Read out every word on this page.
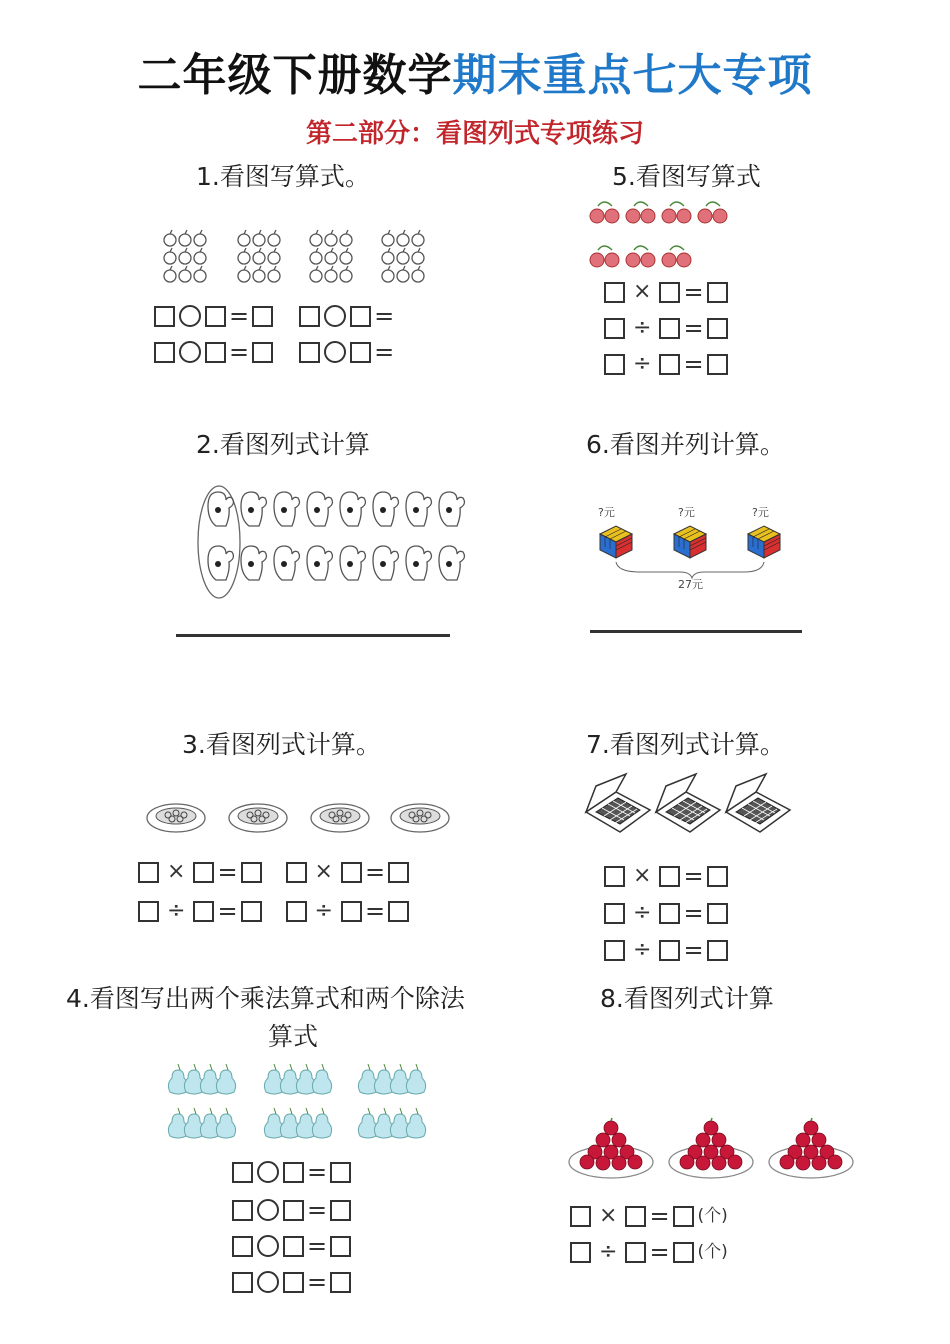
二年级下册数学期末重点七大专项
第二部分：看图列式专项练习
1.看图写算式。
=	=
=	=
5.看图写算式
× =
÷ =
÷ =
2.看图列式计算	6.看图并列计算。
?元	?元	?元
27元
3.看图列式计算。
× =	× =
÷ =	÷ =
7.看图列式计算。
× =
÷ =
÷ =
4.看图写出两个乘法算式和两个除法
算式
=
=
=
=
8.看图列式计算
× = (个)
÷ = (个)
